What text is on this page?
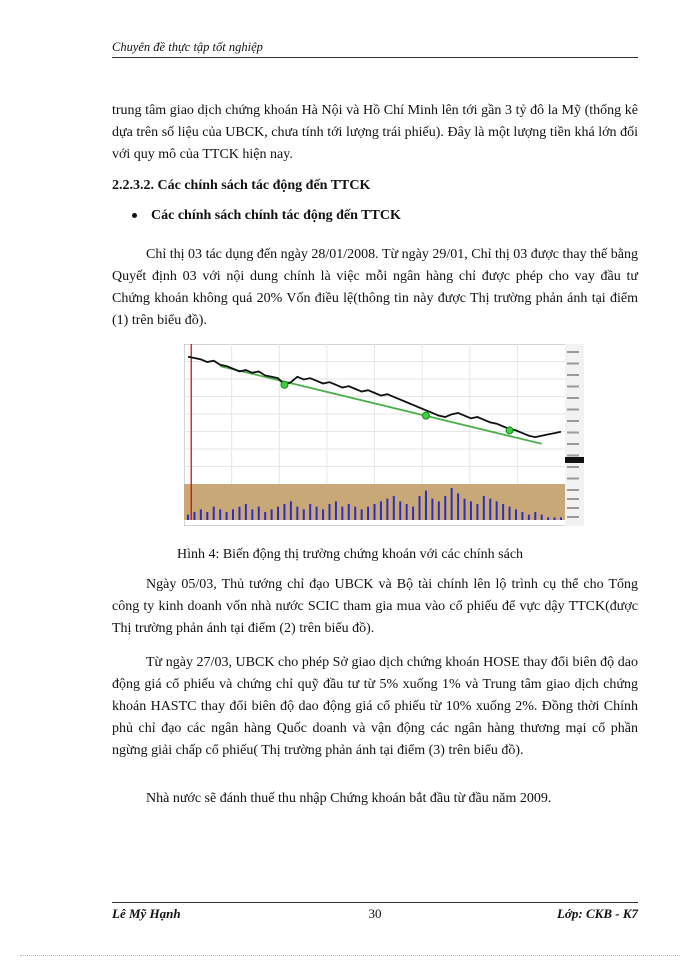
Chuyên đề thực tập tốt nghiệp

trung tâm giao dịch chứng khoán Hà Nội và Hồ Chí Minh lên tới gần 3 tỷ đô la Mỹ (thống kê dựa trên số liệu của UBCK, chưa tính tới lượng trái phiếu). Đây là một lượng tiền khá lớn đối với quy mô của TTCK hiện nay.

2.2.3.2. Các chính sách tác động đến TTCK

Các chính sách chính tác động đến TTCK

Chỉ thị 03 tác dụng đến ngày 28/01/2008. Từ ngày 29/01, Chỉ thị 03 được thay thế bằng Quyết định 03 với nội dung chính là việc mỗi ngân hàng chỉ được phép cho vay đầu tư Chứng khoán không quá 20% Vốn điều lệ(thông tin này được Thị trường phản ánh tại điểm (1) trên biểu đồ).

Hình 4: Biến động thị trường chứng khoán với các chính sách

Ngày 05/03, Thủ tướng chỉ đạo UBCK và Bộ tài chính lên lộ trình cụ thể cho Tổng công ty kinh doanh vốn nhà nước SCIC tham gia mua vào cổ phiếu để vực dậy TTCK(được Thị trường phản ánh tại điểm (2) trên biểu đồ).

Từ ngày 27/03, UBCK cho phép Sở giao dịch chứng khoán HOSE thay đổi biên độ dao động giá cổ phiếu và chứng chỉ quỹ đầu tư từ 5% xuống 1% và Trung tâm giao dịch chứng khoán HASTC thay đổi biên độ dao động giá cổ phiếu từ 10% xuống 2%. Đồng thời Chính phủ chỉ đạo các ngân hàng Quốc doanh và vận động các ngân hàng thương mại cổ phần ngừng giải chấp cổ phiếu( Thị trường phản ánh tại điểm (3) trên biểu đồ).

Nhà nước sẽ đánh thuế thu nhập Chứng khoán bắt đầu từ đầu năm 2009.

Lê Mỹ Hạnh	30	Lớp: CKB - K7
